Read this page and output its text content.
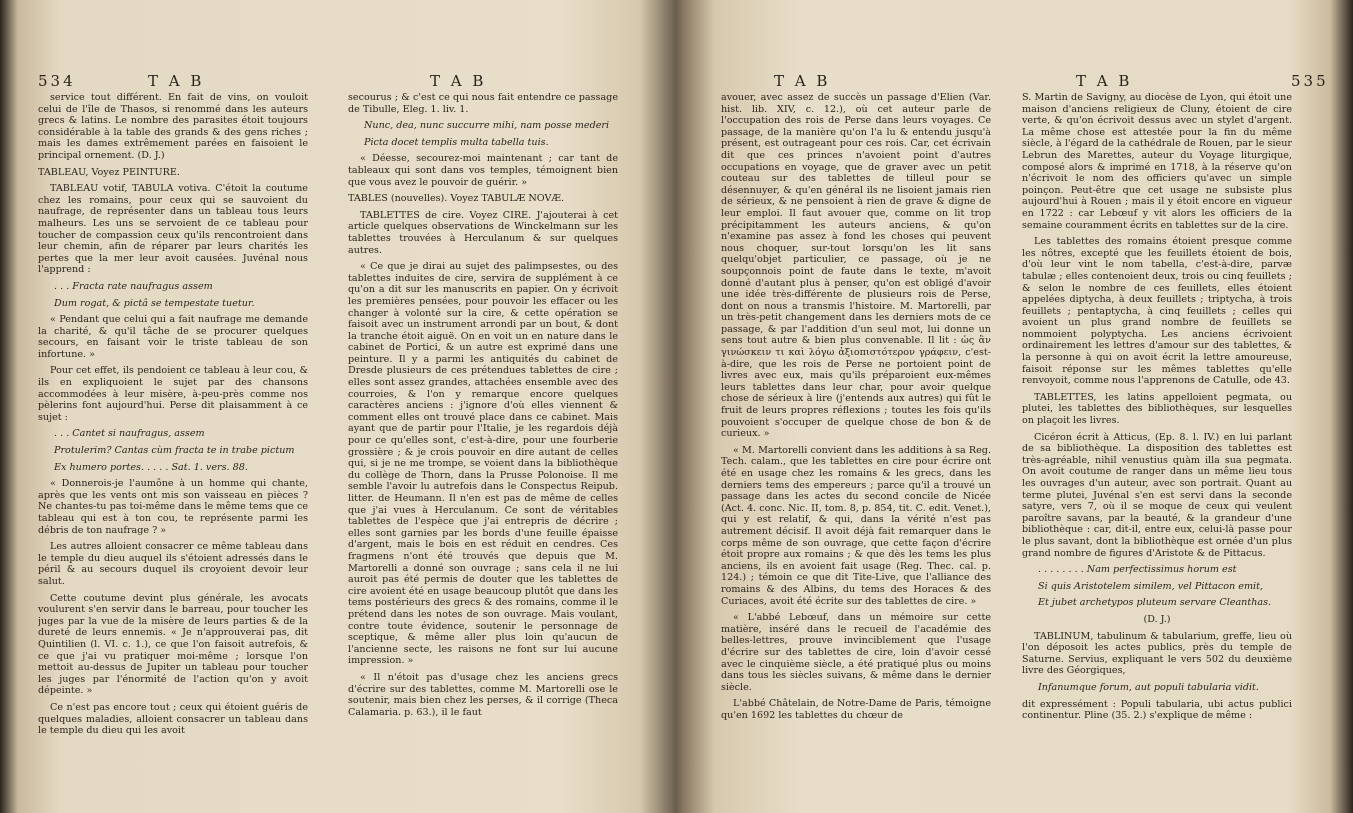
534	T A B	T A B

service tout différent. En fait de vins, on vouloit celui de l'île de Thasos, si renommé dans les auteurs grecs & latins. Le nombre des parasites étoit toujours considérable à la table des grands & des gens riches ; mais les dames extrêmement parées en faisoient le principal ornement. (D. J.)

TABLEAU, Voyez PEINTURE.

TABLEAU votif, TABULA votiva. C'étoit la coutume chez les romains, pour ceux qui se sauvoient du naufrage, de représenter dans un tableau tous leurs malheurs. Les uns se servoient de ce tableau pour toucher de compassion ceux qu'ils rencontroient dans leur chemin, afin de réparer par leurs charités les pertes que la mer leur avoit causées. Juvénal nous l'apprend :

. . . Fracta rate naufragus assem

Dum rogat, & pictâ se tempestate tuetur.

« Pendant que celui qui a fait naufrage me demande la charité, & qu'il tâche de se procurer quelques secours, en faisant voir le triste tableau de son infortune. »

Pour cet effet, ils pendoient ce tableau à leur cou, & ils en expliquoient le sujet par des chansons accommodées à leur misère, à-peu-près comme nos pèlerins font aujourd'hui. Perse dit plaisamment à ce sujet :

. . . Cantet si naufragus, assem

Protulerim? Cantas cùm fracta te in trabe pictum

Ex humero portes. . . . . Sat. 1. vers. 88.

« Donnerois-je l'aumône à un homme qui chante, après que les vents ont mis son vaisseau en pièces ? Ne chantes-tu pas toi-même dans le même tems que ce tableau qui est à ton cou, te représente parmi les débris de ton naufrage ? »

Les autres alloient consacrer ce même tableau dans le temple du dieu auquel ils s'étoient adressés dans le péril & au secours duquel ils croyoient devoir leur salut.

Cette coutume devint plus générale, les avocats voulurent s'en servir dans le barreau, pour toucher les juges par la vue de la misère de leurs parties & de la dureté de leurs ennemis. « Je n'approuverai pas, dit Quintilien (l. VI. c. 1.), ce que l'on faisoit autrefois, & ce que j'ai vu pratiquer moi-même ; lorsque l'on mettoit au-dessus de Jupiter un tableau pour toucher les juges par l'énormité de l'action qu'on y avoit dépeinte. »

Ce n'est pas encore tout ; ceux qui étoient guéris de quelques maladies, alloient consacrer un tableau dans le temple du dieu qui les avoit

secourus ; & c'est ce qui nous fait entendre ce passage de Tibulle, Eleg. 1. liv. 1.

Nunc, dea, nunc succurre mihi, nam posse mederi

Picta docet templis multa tabella tuis.

« Déesse, secourez-moi maintenant ; car tant de tableaux qui sont dans vos temples, témoignent bien que vous avez le pouvoir de guérir. »

TABLES (nouvelles). Voyez TABULÆ NOVÆ.

TABLETTES de cire. Voyez CIRE. J'ajouterai à cet article quelques observations de Winckelmann sur les tablettes trouvées à Herculanum & sur quelques autres.

« Ce que je dirai au sujet des palimpsestes, ou des tablettes induites de cire, servira de supplément à ce qu'on a dit sur les manuscrits en papier. On y écrivoit les premières pensées, pour pouvoir les effacer ou les changer à volonté sur la cire, & cette opération se faisoit avec un instrument arrondi par un bout, & dont la tranche étoit aiguë. On en voit un en nature dans le cabinet de Portici, & un autre est exprimé dans une peinture. Il y a parmi les antiquités du cabinet de Dresde plusieurs de ces prétendues tablettes de cire ; elles sont assez grandes, attachées ensemble avec des courroies, & l'on y remarque encore quelques caractères anciens : j'ignore d'où elles viennent & comment elles ont trouvé place dans ce cabinet. Mais ayant que de partir pour l'Italie, je les regardois déjà pour ce qu'elles sont, c'est-à-dire, pour une fourberie grossière ; & je crois pouvoir en dire autant de celles qui, si je ne me trompe, se voient dans la bibliothèque du collège de Thorn, dans la Prusse Polonoise. Il me semble l'avoir lu autrefois dans le Conspectus Reipub. litter. de Heumann. Il n'en est pas de même de celles que j'ai vues à Herculanum. Ce sont de véritables tablettes de l'espèce que j'ai entrepris de décrire ; elles sont garnies par les bords d'une feuille épaisse d'argent, mais le bois en est réduit en cendres. Ces fragmens n'ont été trouvés que depuis que M. Martorelli a donné son ouvrage ; sans cela il ne lui auroit pas été permis de douter que les tablettes de cire avoient été en usage beaucoup plutôt que dans les tems postérieurs des grecs & des romains, comme il le prétend dans les notes de son ouvrage. Mais voulant, contre toute évidence, soutenir le personnage de sceptique, & même aller plus loin qu'aucun de l'ancienne secte, les raisons ne font sur lui aucune impression. »

« Il n'étoit pas d'usage chez les anciens grecs d'écrire sur des tablettes, comme M. Martorelli ose le soutenir, mais bien chez les perses, & il corrige (Theca Calamaria. p. 63.), il le faut

T A B	T A B	535

avouer, avec assez de succès un passage d'Elien (Var. hist. lib. XIV, c. 12.), où cet auteur parle de l'occupation des rois de Perse dans leurs voyages. Ce passage, de la manière qu'on l'a lu & entendu jusqu'à présent, est outrageant pour ces rois. Car, cet écrivain dit que ces princes n'avoient point d'autres occupations en voyage, que de graver avec un petit couteau sur des tablettes de tilleul pour se désennuyer, & qu'en général ils ne lisoient jamais rien de sérieux, & ne pensoient à rien de grave & digne de leur emploi. Il faut avouer que, comme on lit trop précipitamment les auteurs anciens, & qu'on n'examine pas assez à fond les choses qui peuvent nous choquer, sur-tout lorsqu'on les lit sans quelqu'objet particulier, ce passage, où je ne soupçonnois point de faute dans le texte, m'avoit donné d'autant plus à penser, qu'on est obligé d'avoir une idée très-différente de plusieurs rois de Perse, dont on nous a transmis l'histoire. M. Martorelli, par un très-petit changement dans les derniers mots de ce passage, & par l'addition d'un seul mot, lui donne un sens tout autre & bien plus convenable. Il lit : ὡς ἂν γινώσκειν τι καὶ λόγω ἀξιοπιστότερον γράφειν, c'est-à-dire, que les rois de Perse ne portoient point de livres avec eux, mais qu'ils préparoient eux-mêmes leurs tablettes dans leur char, pour avoir quelque chose de sérieux à lire (j'entends aux autres) qui fût le fruit de leurs propres réflexions ; toutes les fois qu'ils pouvoient s'occuper de quelque chose de bon & de curieux. »

« M. Martorelli convient dans les additions à sa Reg. Tech. calam., que les tablettes en cire pour écrire ont été en usage chez les romains & les grecs, dans les derniers tems des empereurs ; parce qu'il a trouvé un passage dans les actes du second concile de Nicée (Act. 4. conc. Nic. II, tom. 8, p. 854, tit. C. edit. Venet.), qui y est relatif, & qui, dans la vérité n'est pas autrement décisif. Il avoit déjà fait remarquer dans le corps même de son ouvrage, que cette façon d'écrire étoit propre aux romains ; & que dès les tems les plus anciens, ils en avoient fait usage (Reg. Thec. cal. p. 124.) ; témoin ce que dit Tite-Live, que l'alliance des romains & des Albins, du tems des Horaces & des Curiaces, avoit été écrite sur des tablettes de cire. »

« L'abbé Lebœuf, dans un mémoire sur cette matière, inséré dans le recueil de l'académie des belles-lettres, prouve invinciblement que l'usage d'écrire sur des tablettes de cire, loin d'avoir cessé avec le cinquième siècle, a été pratiqué plus ou moins dans tous les siècles suivans, & même dans le dernier siècle.

L'abbé Châtelain, de Notre-Dame de Paris, témoigne qu'en 1692 les tablettes du chœur de

S. Martin de Savigny, au diocèse de Lyon, qui étoit une maison d'anciens religieux de Cluny, étoient de cire verte, & qu'on écrivoit dessus avec un stylet d'argent. La même chose est attestée pour la fin du même siècle, à l'égard de la cathédrale de Rouen, par le sieur Lebrun des Marettes, auteur du Voyage liturgique, composé alors & imprimé en 1718, à la réserve qu'on n'écrivoit le nom des officiers qu'avec un simple poinçon. Peut-être que cet usage ne subsiste plus aujourd'hui à Rouen ; mais il y étoit encore en vigueur en 1722 : car Lebœuf y vit alors les officiers de la semaine couramment écrits en tablettes sur de la cire.

Les tablettes des romains étoient presque comme les nôtres, excepté que les feuillets étoient de bois, d'où leur vint le nom tabella, c'est-à-dire, parvæ tabulæ ; elles contenoient deux, trois ou cinq feuillets ; & selon le nombre de ces feuillets, elles étoient appelées diptycha, à deux feuillets ; triptycha, à trois feuillets ; pentaptycha, à cinq feuillets ; celles qui avoient un plus grand nombre de feuillets se nommoient polyptycha. Les anciens écrivoient ordinairement les lettres d'amour sur des tablettes, & la personne à qui on avoit écrit la lettre amoureuse, faisoit réponse sur les mêmes tablettes qu'elle renvoyoit, comme nous l'apprenons de Catulle, ode 43.

TABLETTES, les latins appelloient pegmata, ou plutei, les tablettes des bibliothèques, sur lesquelles on plaçoit les livres.

Cicéron écrit à Atticus, (Ep. 8. l. IV.) en lui parlant de sa bibliothèque. La disposition des tablettes est très-agréable, nihil venustius quàm illa sua pegmata. On avoit coutume de ranger dans un même lieu tous les ouvrages d'un auteur, avec son portrait. Quant au terme plutei, Juvénal s'en est servi dans la seconde satyre, vers 7, où il se moque de ceux qui veulent paroître savans, par la beauté, & la grandeur d'une bibliothèque : car, dit-il, entre eux, celui-là passe pour le plus savant, dont la bibliothèque est ornée d'un plus grand nombre de figures d'Aristote & de Pittacus.

. . . . . . . . Nam perfectissimus horum est

Si quis Aristotelem similem, vel Pittacon emit,

Et jubet archetypos pluteum servare Cleanthas.

(D. J.)

TABLINUM, tabulinum & tabularium, greffe, lieu où l'on déposoit les actes publics, près du temple de Saturne. Servius, expliquant le vers 502 du deuxième livre des Géorgiques,

Infanumque forum, aut populi tabularia vidit.

dit expressément : Populi tabularia, ubi actus publici continentur. Pline (35. 2.) s'explique de même :
